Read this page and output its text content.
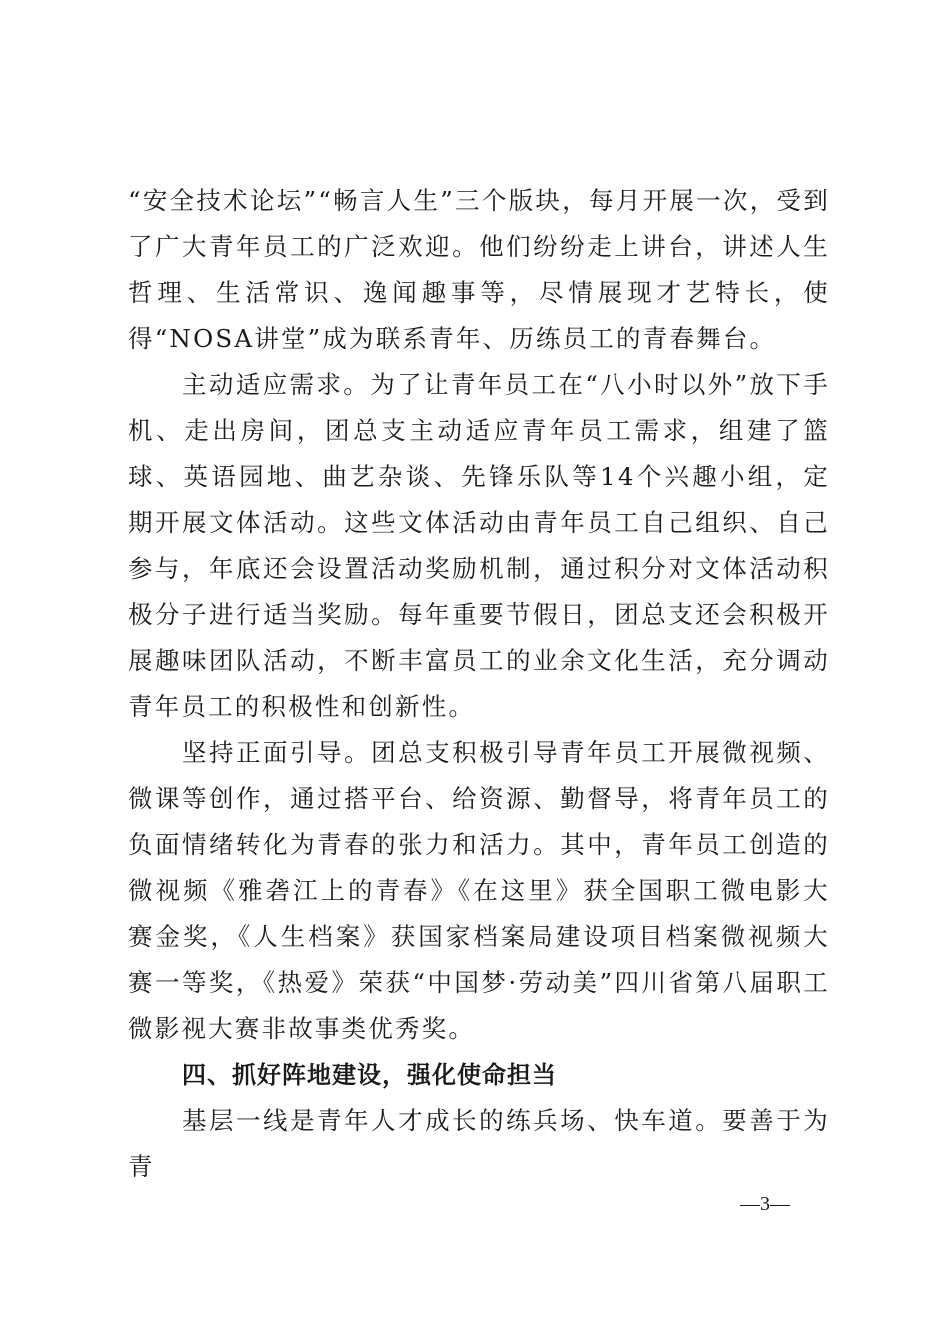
“安全技术论坛”“畅言人生”三个版块，每月开展一次，受到了广大青年员工的广泛欢迎。他们纷纷走上讲台，讲述人生哲理、生活常识、逸闻趣事等，尽情展现才艺特长，使得“NOSA讲堂”成为联系青年、历练员工的青春舞台。

主动适应需求。为了让青年员工在“八小时以外”放下手机、走出房间，团总支主动适应青年员工需求，组建了篮球、英语园地、曲艺杂谈、先锋乐队等14个兴趣小组，定期开展文体活动。这些文体活动由青年员工自己组织、自己参与，年底还会设置活动奖励机制，通过积分对文体活动积极分子进行适当奖励。每年重要节假日，团总支还会积极开展趣味团队活动，不断丰富员工的业余文化生活，充分调动青年员工的积极性和创新性。

坚持正面引导。团总支积极引导青年员工开展微视频、微课等创作，通过搭平台、给资源、勤督导，将青年员工的负面情绪转化为青春的张力和活力。其中，青年员工创造的微视频《雅砻江上的青春》《在这里》获全国职工微电影大赛金奖，《人生档案》获国家档案局建设项目档案微视频大赛一等奖，《热爱》荣获“中国梦·劳动美”四川省第八届职工微影视大赛非故事类优秀奖。

四、抓好阵地建设，强化使命担当

基层一线是青年人才成长的练兵场、快车道。要善于为青

—3—
